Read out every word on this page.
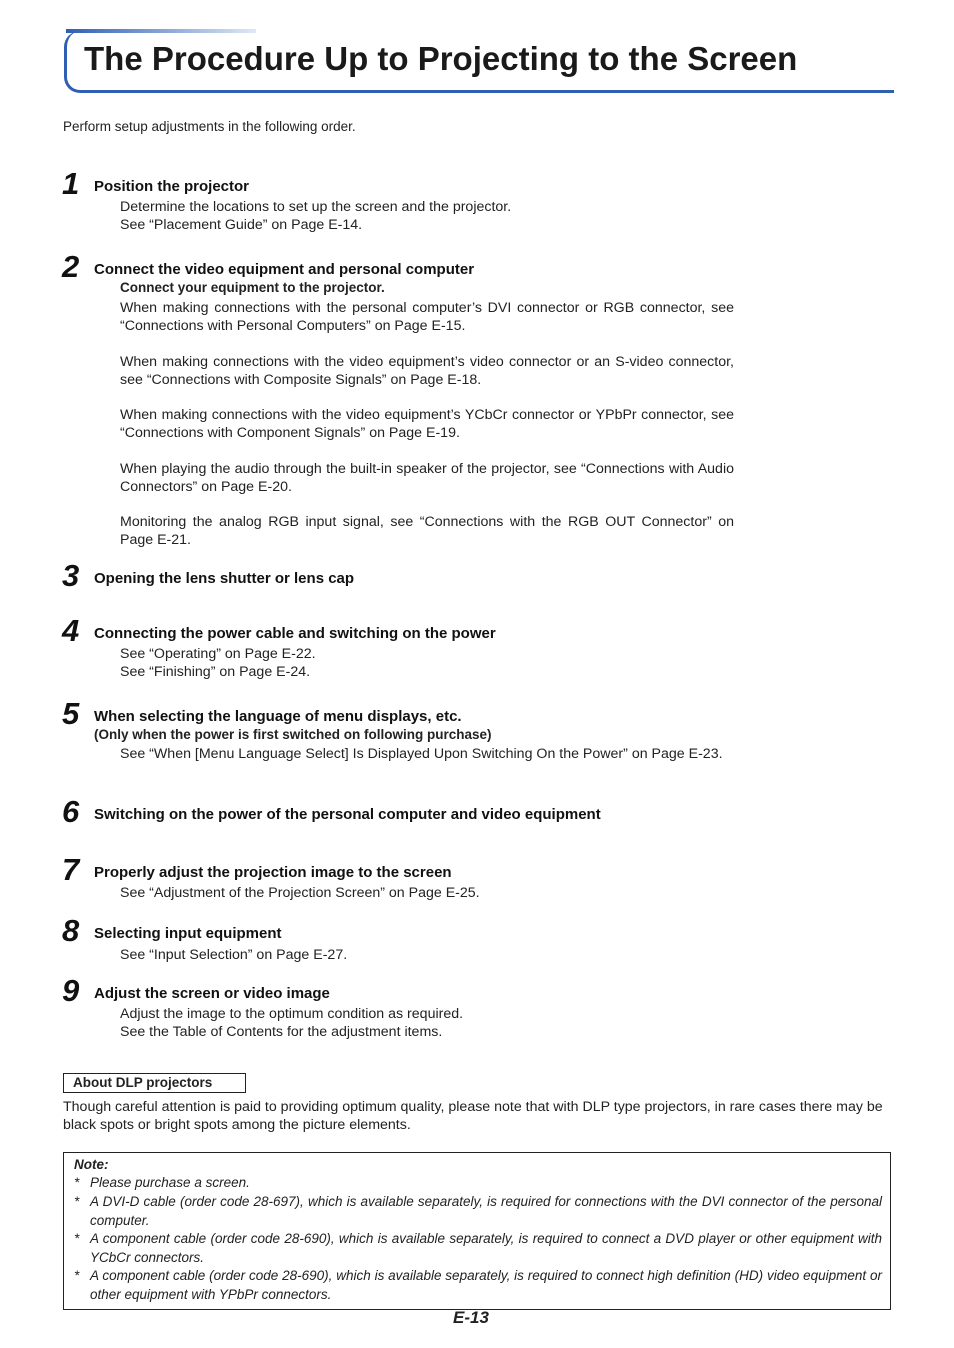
The Procedure Up to Projecting to the Screen
Perform setup adjustments in the following order.
1 Position the projector
Determine the locations to set up the screen and the projector.
See “Placement Guide” on Page E-14.
2 Connect the video equipment and personal computer
Connect your equipment to the projector.

When making connections with the personal computer’s DVI connector or RGB connector, see “Connections with Personal Computers” on Page E-15.

When making connections with the video equipment’s video connector or an S-video connector, see “Connections with Composite Signals” on Page E-18.

When making connections with the video equipment’s YCbCr connector or YPbPr connector, see “Connections with Component Signals” on Page E-19.

When playing the audio through the built-in speaker of the projector, see “Connections with Audio Connectors” on Page E-20.

Monitoring the analog RGB input signal, see “Connections with the RGB OUT Connector” on Page E-21.

3 Opening the lens shutter or lens cap
4 Connecting the power cable and switching on the power
See “Operating” on Page E-22.
See “Finishing” on Page E-24.
5 When selecting the language of menu displays, etc.
(Only when the power is first switched on following purchase)
See “When [Menu Language Select] Is Displayed Upon Switching On the Power” on Page E-23.
6 Switching on the power of the personal computer and video equipment
7 Properly adjust the projection image to the screen
See “Adjustment of the Projection Screen” on Page E-25.
8 Selecting input equipment
See “Input Selection” on Page E-27.
9 Adjust the screen or video image
Adjust the image to the optimum condition as required.
See the Table of Contents for the adjustment items.
About DLP projectors
Though careful attention is paid to providing optimum quality, please note that with DLP type projectors, in rare cases there may be black spots or bright spots among the picture elements.
Note:
* Please purchase a screen.
* A DVI-D cable (order code 28-697), which is available separately, is required for connections with the DVI connector of the personal computer.
* A component cable (order code 28-690), which is available separately, is required to connect a DVD player or other equipment with YCbCr connectors.
* A component cable (order code 28-690), which is available separately, is required to connect high definition (HD) video equipment or other equipment with YPbPr connectors.
E-13
